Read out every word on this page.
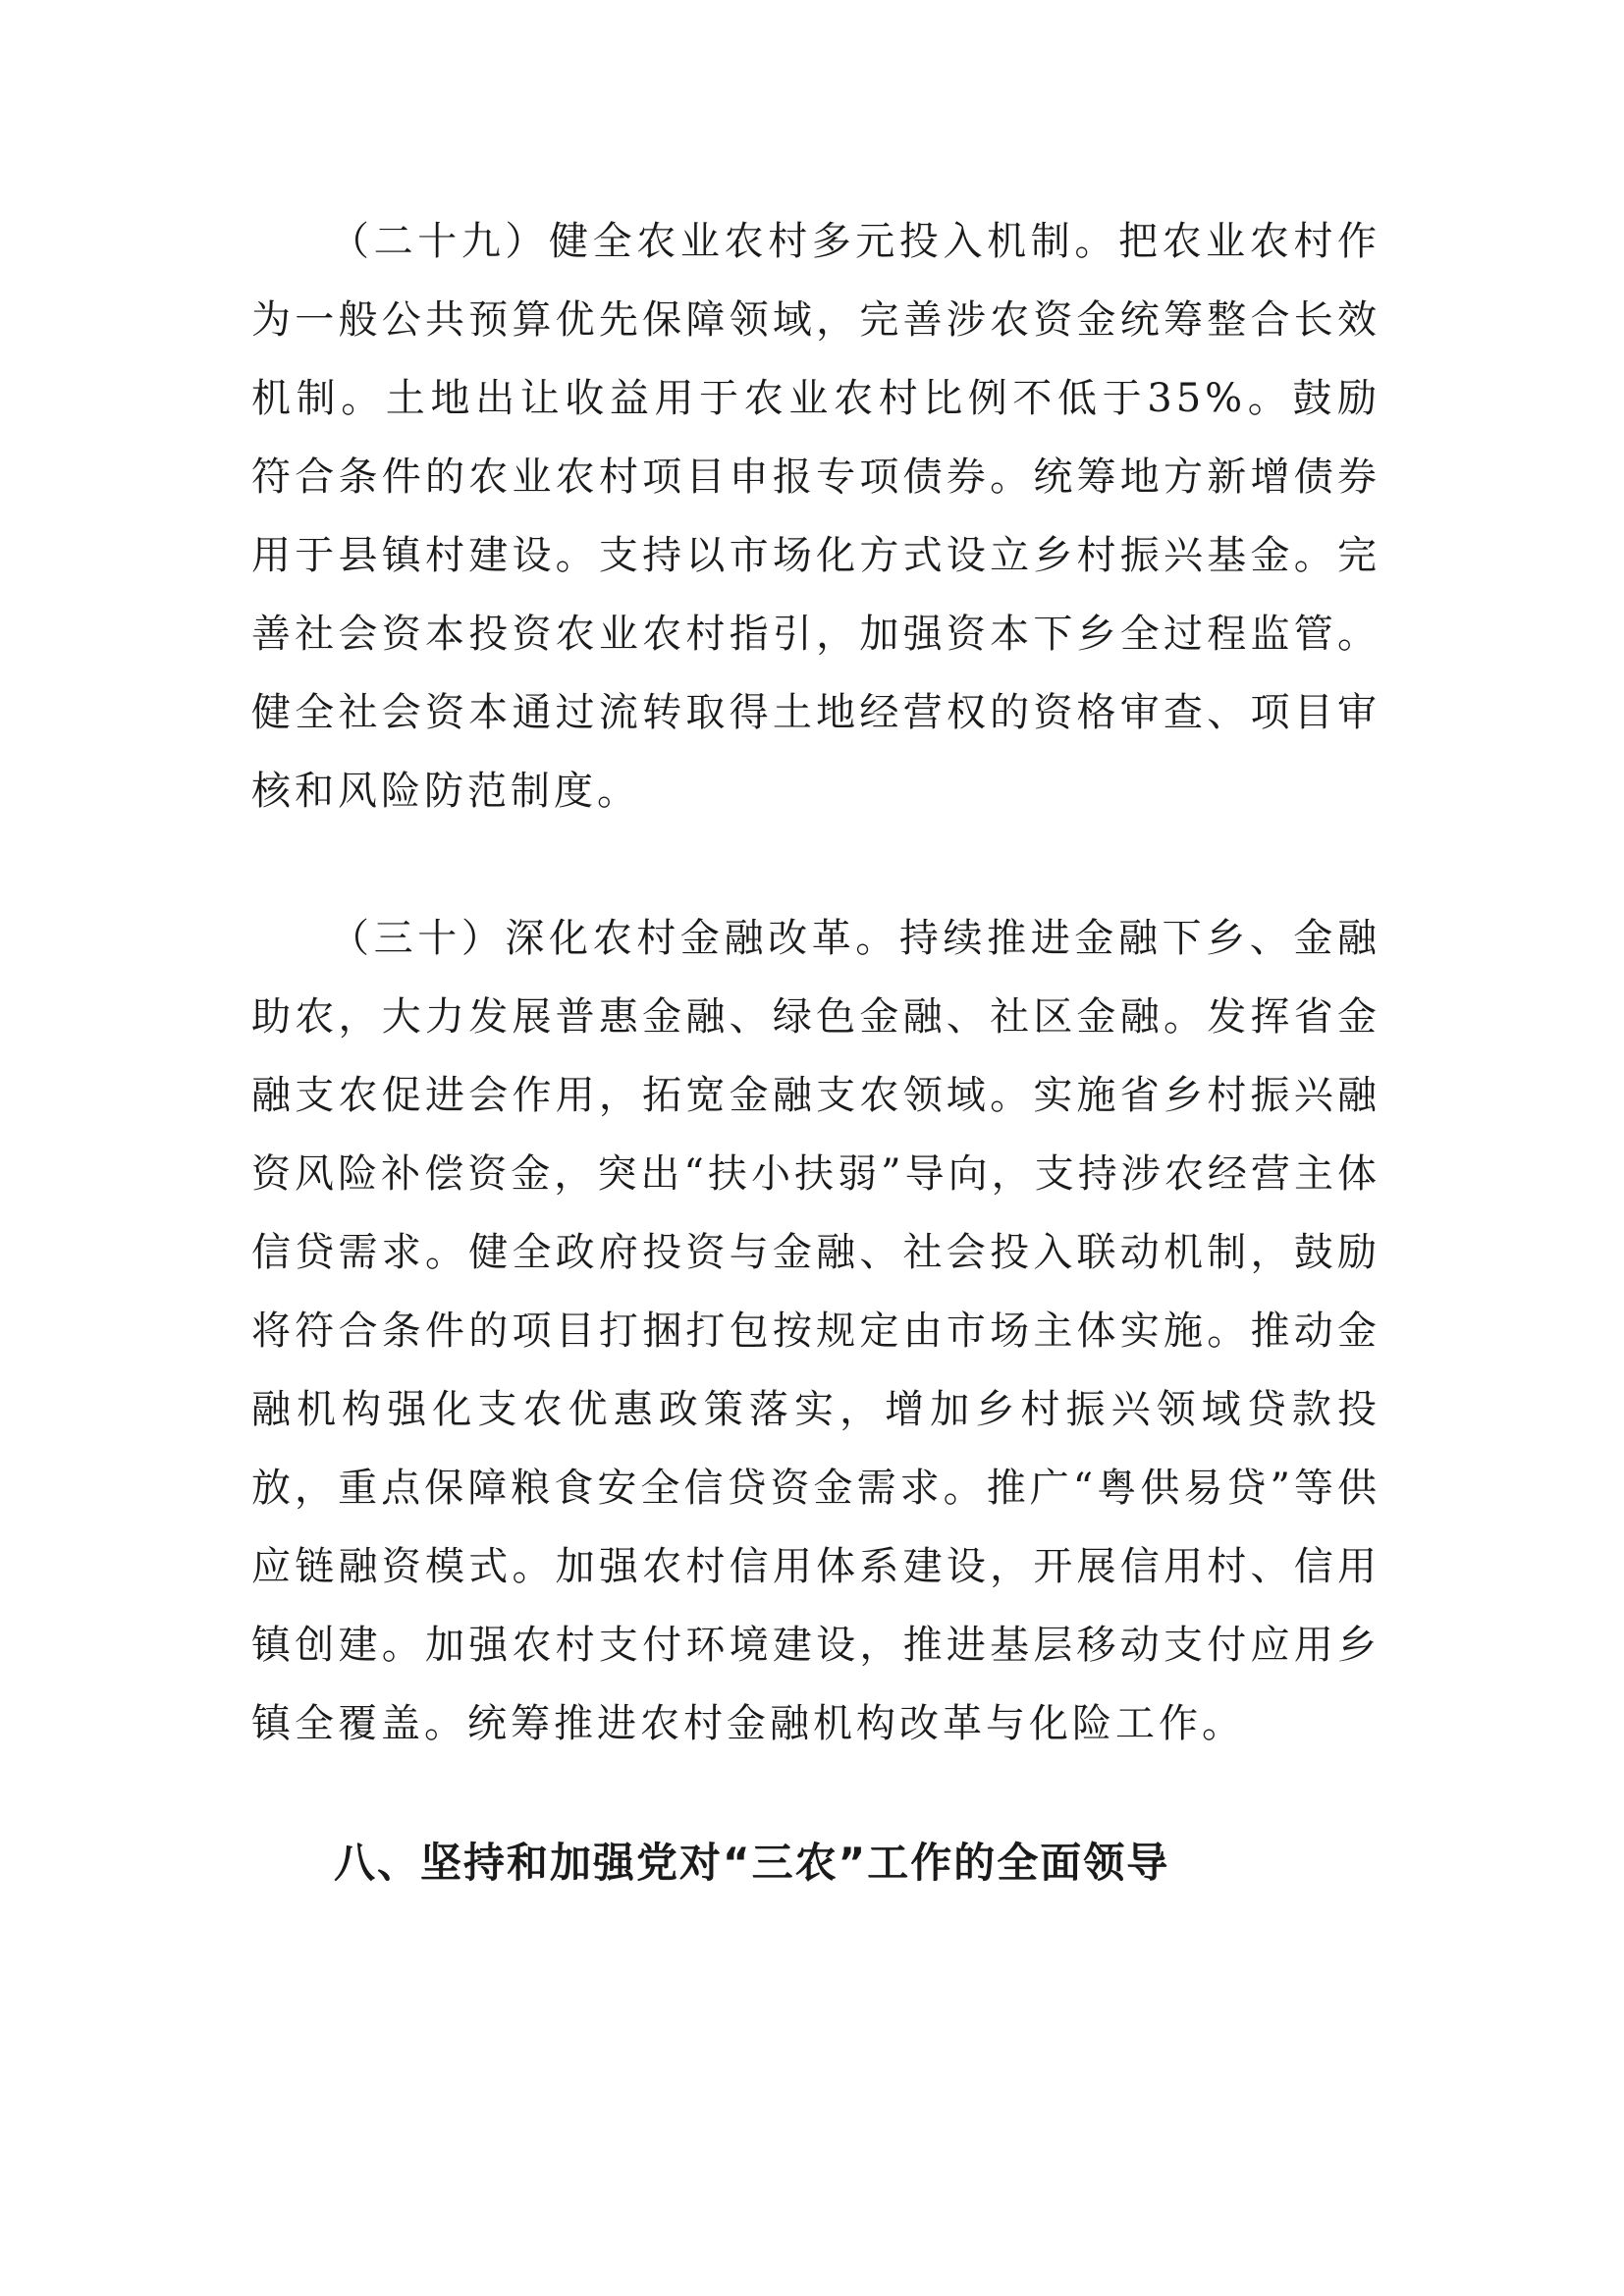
（二十九）健全农业农村多元投入机制。把农业农村作为一般公共预算优先保障领域，完善涉农资金统筹整合长效机制。土地出让收益用于农业农村比例不低于35%。鼓励符合条件的农业农村项目申报专项债券。统筹地方新增债券用于县镇村建设。支持以市场化方式设立乡村振兴基金。完善社会资本投资农业农村指引，加强资本下乡全过程监管。健全社会资本通过流转取得土地经营权的资格审查、项目审核和风险防范制度。

（三十）深化农村金融改革。持续推进金融下乡、金融助农，大力发展普惠金融、绿色金融、社区金融。发挥省金融支农促进会作用，拓宽金融支农领域。实施省乡村振兴融资风险补偿资金，突出“扶小扶弱”导向，支持涉农经营主体信贷需求。健全政府投资与金融、社会投入联动机制，鼓励将符合条件的项目打捆打包按规定由市场主体实施。推动金融机构强化支农优惠政策落实，增加乡村振兴领域贷款投放，重点保障粮食安全信贷资金需求。推广“粤供易贷”等供应链融资模式。加强农村信用体系建设，开展信用村、信用镇创建。加强农村支付环境建设，推进基层移动支付应用乡镇全覆盖。统筹推进农村金融机构改革与化险工作。

八、坚持和加强党对“三农”工作的全面领导
